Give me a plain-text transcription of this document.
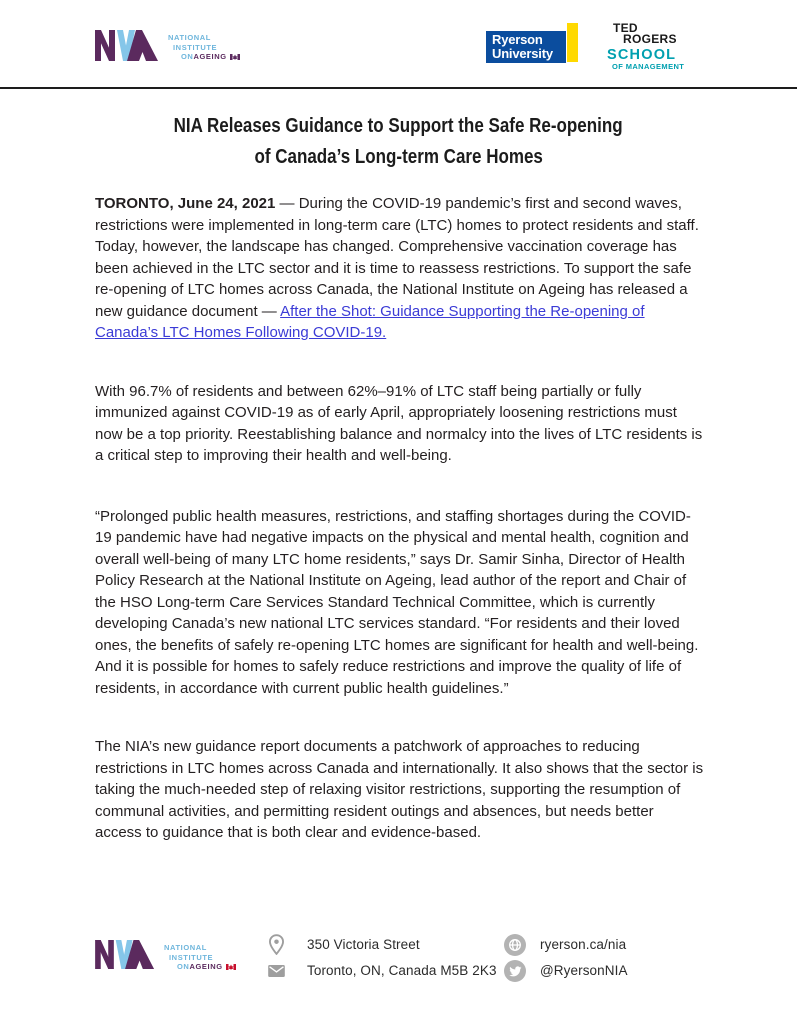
NATIONAL
INSTITUTE
ON AGEING
Ryerson
University
TED
ROGERS
SCHOOL
OF MANAGEMENT
NIA Releases Guidance to Support the Safe Re-opening
of Canada’s Long-term Care Homes

TORONTO, June 24, 2021 — During the COVID-19 pandemic’s first and second waves, restrictions were implemented in long-term care (LTC) homes to protect residents and staff. Today, however, the landscape has changed. Comprehensive vaccination coverage has been achieved in the LTC sector and it is time to reassess restrictions. To support the safe re-opening of LTC homes across Canada, the National Institute on Ageing has released a new guidance document — After the Shot: Guidance Supporting the Re-opening of Canada’s LTC Homes Following COVID-19.

With 96.7% of residents and between 62%–91% of LTC staff being partially or fully immunized against COVID-19 as of early April, appropriately loosening restrictions must now be a top priority. Reestablishing balance and normalcy into the lives of LTC residents is a critical step to improving their health and well-being.

“Prolonged public health measures, restrictions, and staffing shortages during the COVID-19 pandemic have had negative impacts on the physical and mental health, cognition and overall well-being of many LTC home residents,” says Dr. Samir Sinha, Director of Health Policy Research at the National Institute on Ageing, lead author of the report and Chair of the HSO Long-term Care Services Standard Technical Committee, which is currently developing Canada’s new national LTC services standard. “For residents and their loved ones, the benefits of safely re-opening LTC homes are significant for health and well-being. And it is possible for homes to safely reduce restrictions and improve the quality of life of residents, in accordance with current public health guidelines.”

The NIA’s new guidance report documents a patchwork of approaches to reducing restrictions in LTC homes across Canada and internationally. It also shows that the sector is taking the much-needed step of relaxing visitor restrictions, supporting the resumption of communal activities, and permitting resident outings and absences, but needs better access to guidance that is both clear and evidence-based.

NATIONAL
INSTITUTE
ON AGEING
350 Victoria Street
Toronto, ON, Canada M5B 2K3
ryerson.ca/nia
@RyersonNIA
